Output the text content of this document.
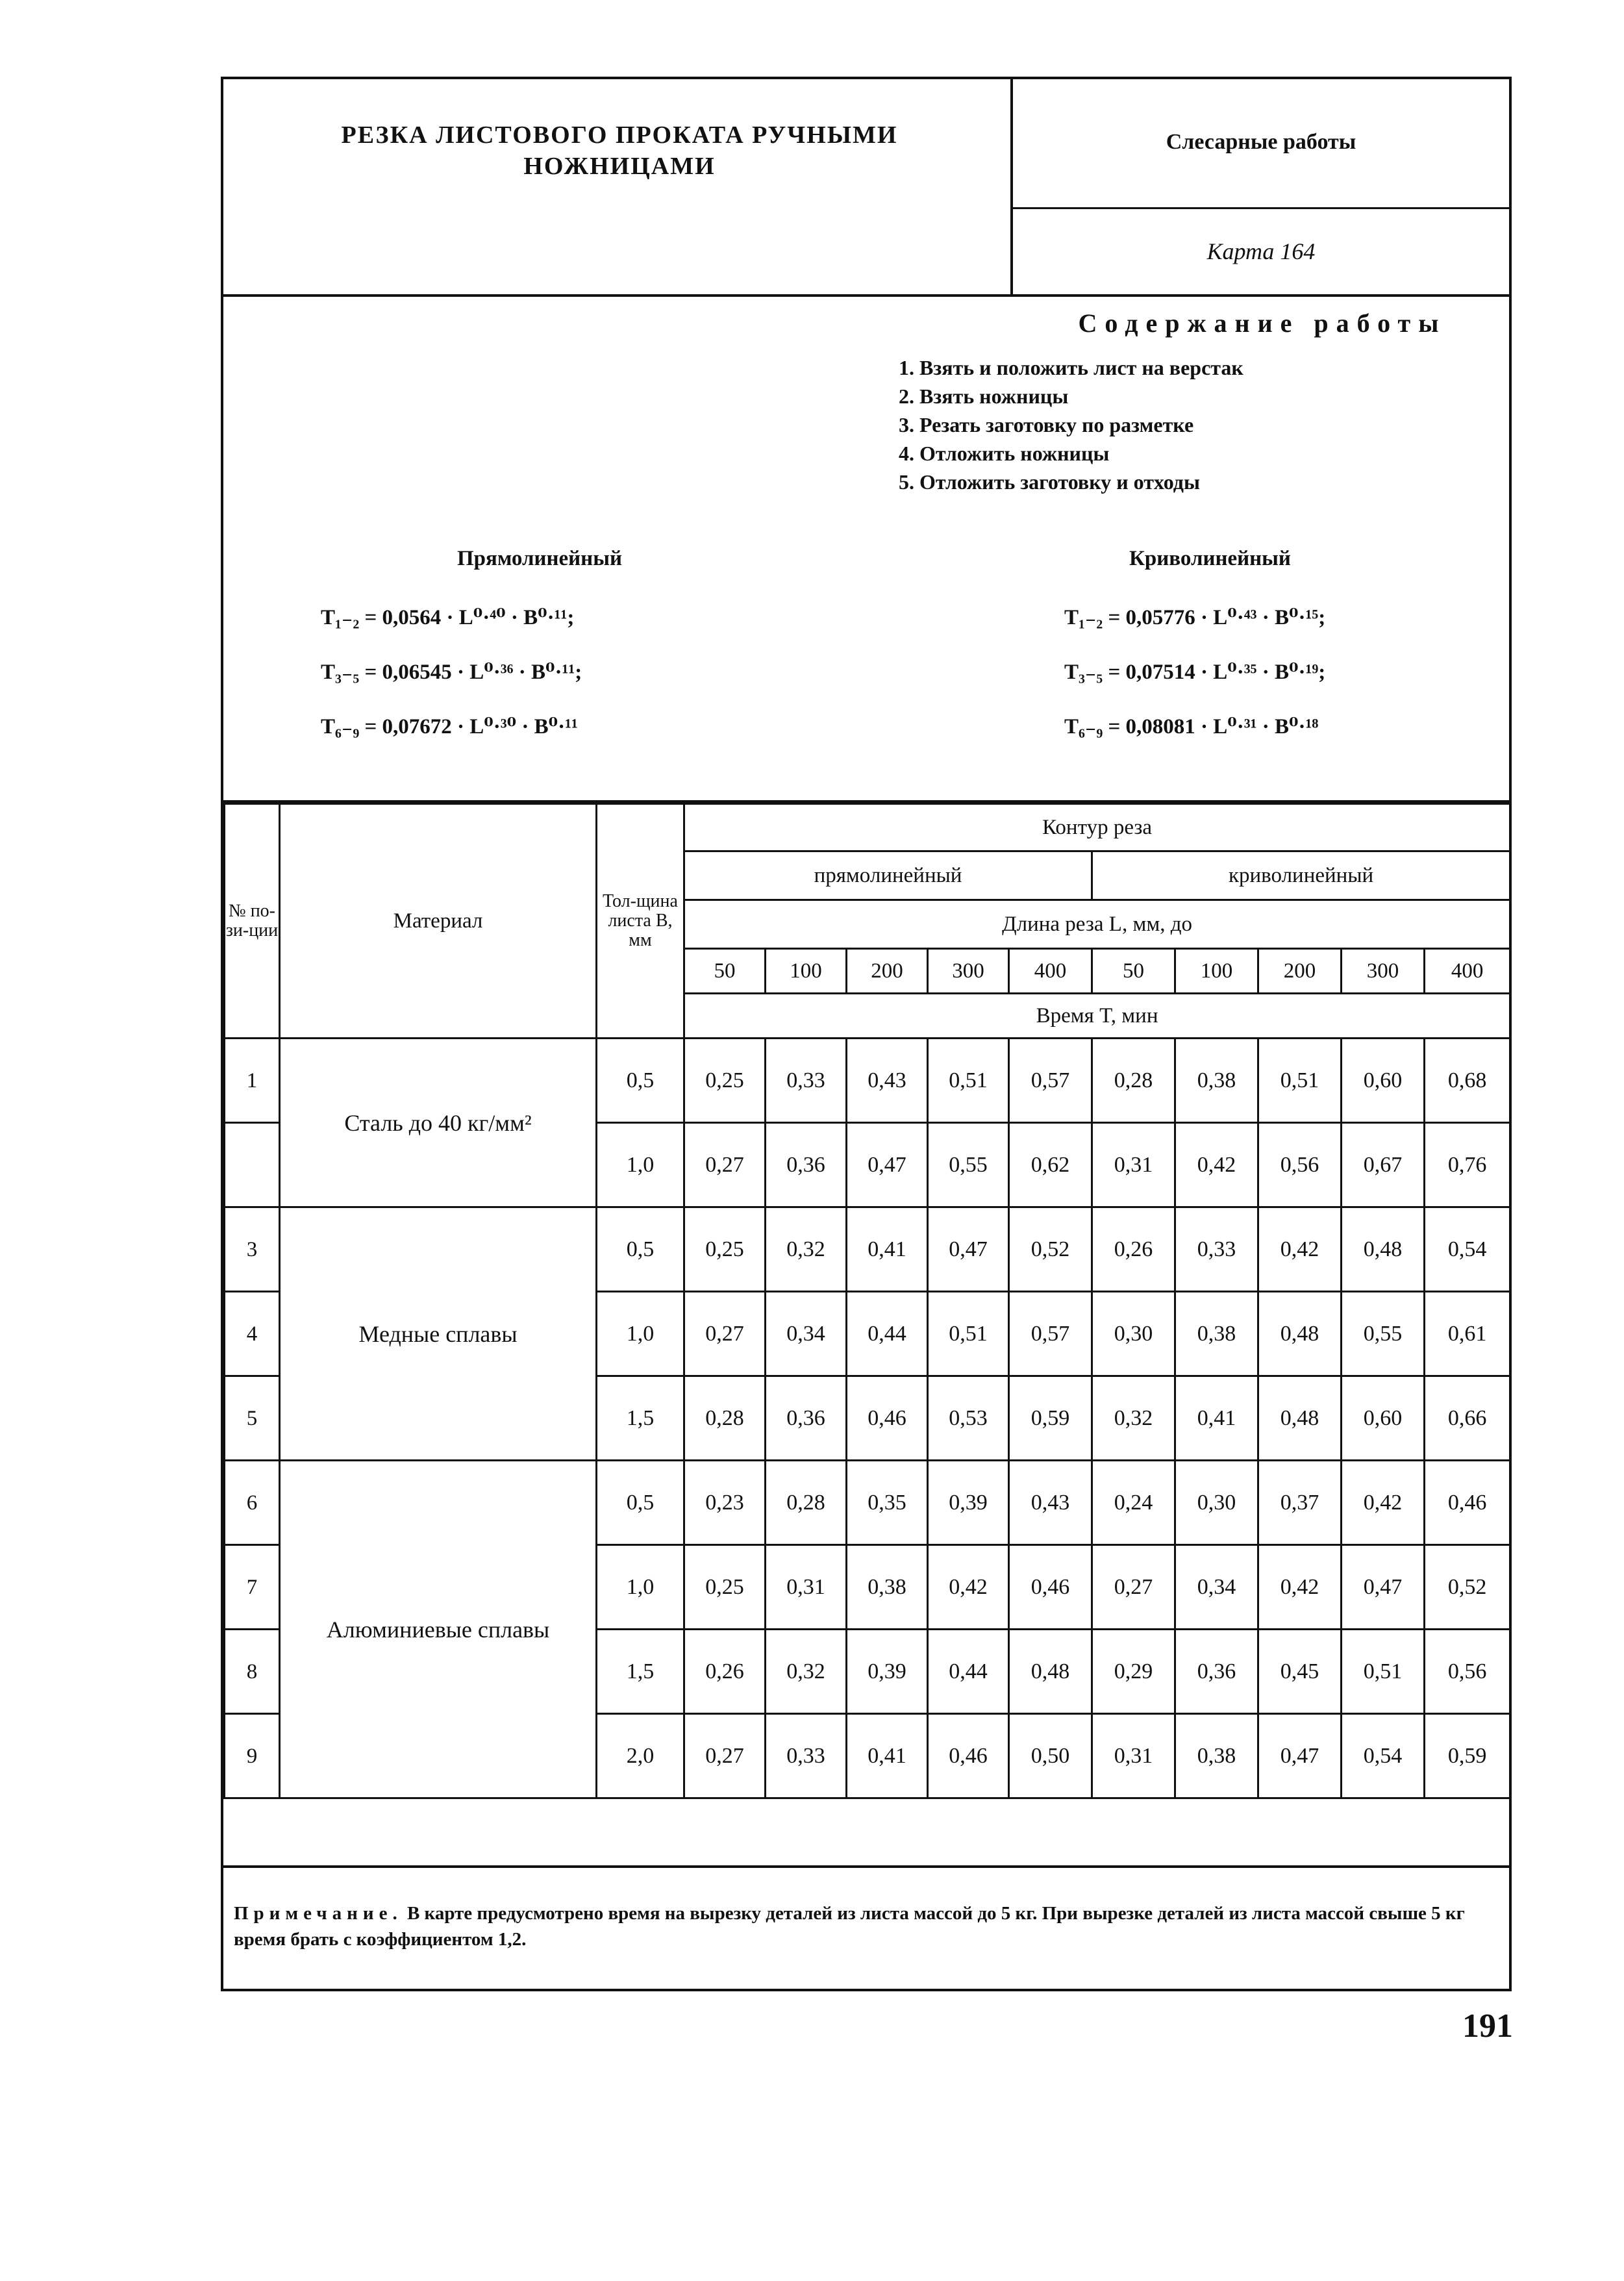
РЕЗКА ЛИСТОВОГО ПРОКАТА РУЧНЫМИ
НОЖНИЦАМИ
Слесарные работы
Карта 164
Содержание работы
1. Взять и положить лист на верстак
2. Взять ножницы
3. Резать заготовку по разметке
4. Отложить ножницы
5. Отложить заготовку и отходы
Прямолинейный
T₁₋₂ = 0,0564 · L⁰·⁴⁰ · B⁰·¹¹;
T₃₋₅ = 0,06545 · L⁰·³⁶ · B⁰·¹¹;
T₆₋₉ = 0,07672 · L⁰·³⁰ · B⁰·¹¹
Криволинейный
T₁₋₂ = 0,05776 · L⁰·⁴³ · B⁰·¹⁵;
T₃₋₅ = 0,07514 · L⁰·³⁵ · B⁰·¹⁹;
T₆₋₉ = 0,08081 · L⁰·³¹ · B⁰·¹⁸
№ по-зи-ции	Материал	Тол-щина листа B, мм	Контур реза									
			прямолинейный					криволинейный				
			Длина реза L, мм, до									
			50	100	200	300	400	50	100	200	300	400
			Время T, мин									
1	Сталь до 40 кг/мм²	0,5	0,25	0,33	0,43	0,51	0,57	0,28	0,38	0,51	0,60	0,68
		1,0	0,27	0,36	0,47	0,55	0,62	0,31	0,42	0,56	0,67	0,76
3	Медные сплавы	0,5	0,25	0,32	0,41	0,47	0,52	0,26	0,33	0,42	0,48	0,54
4		1,0	0,27	0,34	0,44	0,51	0,57	0,30	0,38	0,48	0,55	0,61
5		1,5	0,28	0,36	0,46	0,53	0,59	0,32	0,41	0,48	0,60	0,66
6	Алюминиевые сплавы	0,5	0,23	0,28	0,35	0,39	0,43	0,24	0,30	0,37	0,42	0,46
7		1,0	0,25	0,31	0,38	0,42	0,46	0,27	0,34	0,42	0,47	0,52
8		1,5	0,26	0,32	0,39	0,44	0,48	0,29	0,36	0,45	0,51	0,56
9		2,0	0,27	0,33	0,41	0,46	0,50	0,31	0,38	0,47	0,54	0,59
Примечание. В карте предусмотрено время на вырезку деталей из листа массой до 5 кг. При вырезке деталей из листа массой свыше 5 кг время брать с коэффициентом 1,2.
191
